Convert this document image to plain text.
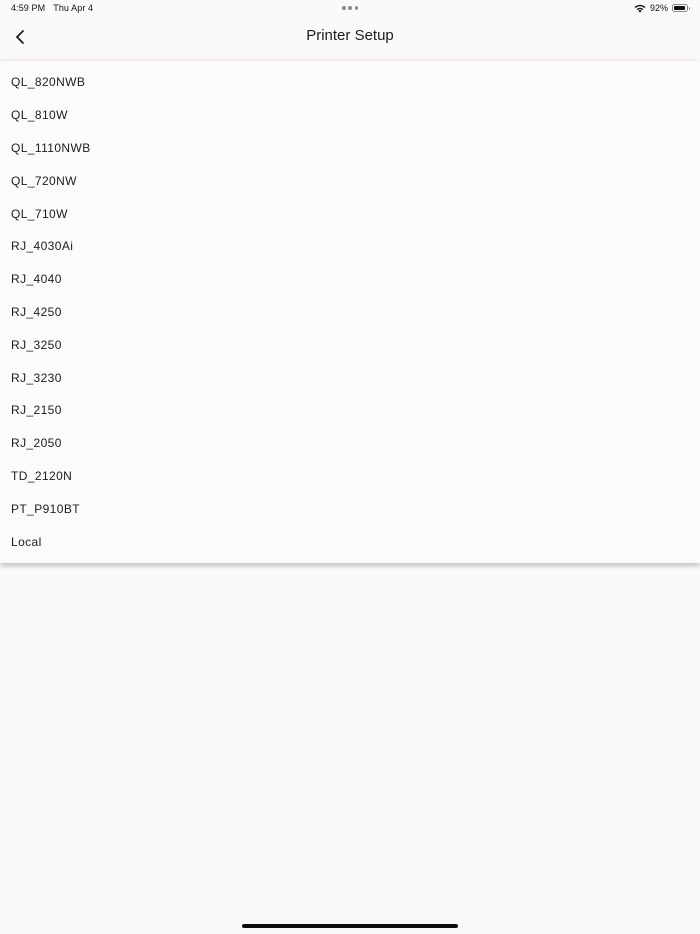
4:59 PM Thu Apr 4	92%
Printer Setup
QL_820NWB
QL_810W
QL_1110NWB
QL_720NW
QL_710W
RJ_4030Ai
RJ_4040
RJ_4250
RJ_3250
RJ_3230
RJ_2150
RJ_2050
TD_2120N
PT_P910BT
Local
